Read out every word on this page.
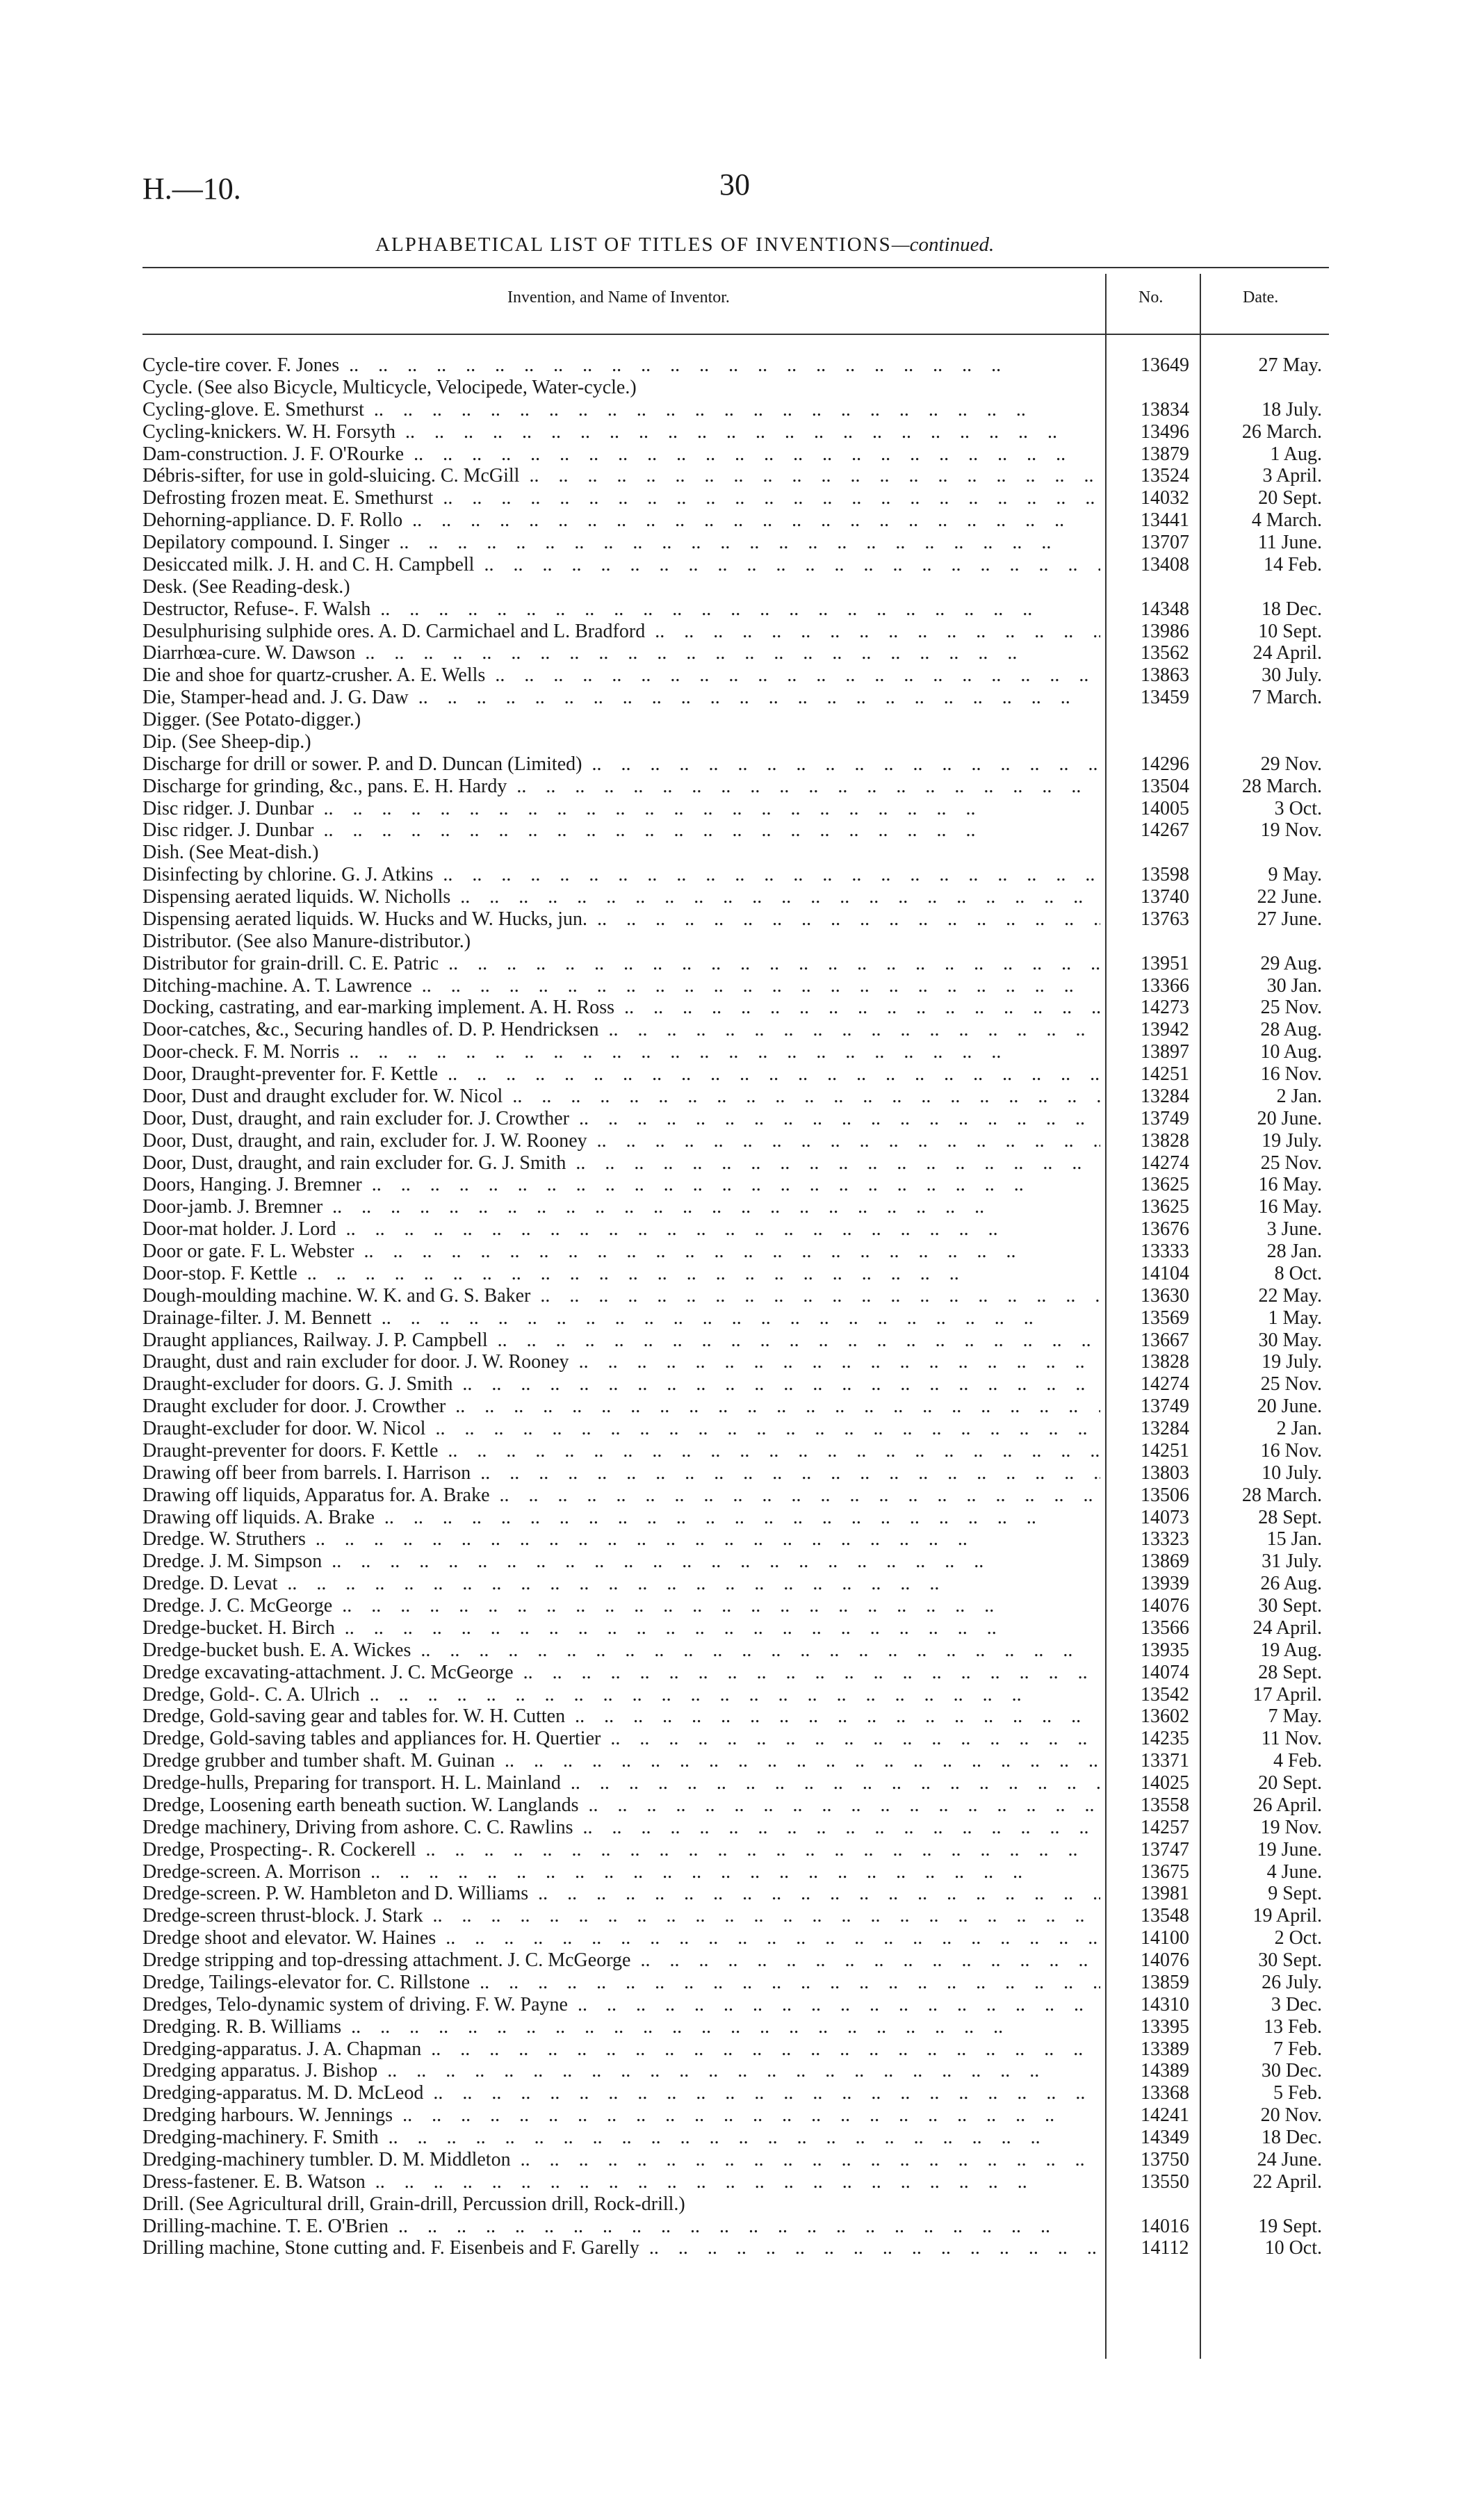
H.—10.	30
ALPHABETICAL LIST OF TITLES OF INVENTIONS—continued.
Invention, and Name of Inventor.	No.	Date.
Cycle-tire cover. F. Jones ..	13649	27 May.
Cycle. (See also Bicycle, Multicycle, Velocipede, Water-cycle.)
Cycling-glove. E. Smethurst ..	13834	18 July.
Cycling-knickers. W. H. Forsyth ..	13496	26 March.
Dam-construction. J. F. O'Rourke ..	13879	1 Aug.
Débris-sifter, for use in gold-sluicing. C. McGill ..	13524	3 April.
Defrosting frozen meat. E. Smethurst ..	14032	20 Sept.
Dehorning-appliance. D. F. Rollo ..	13441	4 March.
Depilatory compound. I. Singer ..	13707	11 June.
Desiccated milk. J. H. and C. H. Campbell ..	13408	14 Feb.
Desk. (See Reading-desk.)
Destructor, Refuse-. F. Walsh ..	14348	18 Dec.
Desulphurising sulphide ores. A. D. Carmichael and L. Bradford ..	13986	10 Sept.
Diarrhœa-cure. W. Dawson ..	13562	24 April.
Die and shoe for quartz-crusher. A. E. Wells ..	13863	30 July.
Die, Stamper-head and. J. G. Daw ..	13459	7 March.
Digger. (See Potato-digger.)
Dip. (See Sheep-dip.)
Discharge for drill or sower. P. and D. Duncan (Limited) ..	14296	29 Nov.
Discharge for grinding, &c., pans. E. H. Hardy ..	13504	28 March.
Disc ridger. J. Dunbar ..	14005	3 Oct.
Disc ridger. J. Dunbar ..	14267	19 Nov.
Dish. (See Meat-dish.)
Disinfecting by chlorine. G. J. Atkins ..	13598	9 May.
Dispensing aerated liquids. W. Nicholls ..	13740	22 June.
Dispensing aerated liquids. W. Hucks and W. Hucks, jun. ..	13763	27 June.
Distributor. (See also Manure-distributor.)
Distributor for grain-drill. C. E. Patric ..	13951	29 Aug.
Ditching-machine. A. T. Lawrence ..	13366	30 Jan.
Docking, castrating, and ear-marking implement. A. H. Ross ..	14273	25 Nov.
Door-catches, &c., Securing handles of. D. P. Hendricksen ..	13942	28 Aug.
Door-check. F. M. Norris ..	13897	10 Aug.
Door, Draught-preventer for. F. Kettle ..	14251	16 Nov.
Door, Dust and draught excluder for. W. Nicol ..	13284	2 Jan.
Door, Dust, draught, and rain excluder for. J. Crowther ..	13749	20 June.
Door, Dust, draught, and rain, excluder for. J. W. Rooney ..	13828	19 July.
Door, Dust, draught, and rain excluder for. G. J. Smith ..	14274	25 Nov.
Doors, Hanging. J. Bremner ..	13625	16 May.
Door-jamb. J. Bremner ..	13625	16 May.
Door-mat holder. J. Lord ..	13676	3 June.
Door or gate. F. L. Webster ..	13333	28 Jan.
Door-stop. F. Kettle ..	14104	8 Oct.
Dough-moulding machine. W. K. and G. S. Baker ..	13630	22 May.
Drainage-filter. J. M. Bennett ..	13569	1 May.
Draught appliances, Railway. J. P. Campbell ..	13667	30 May.
Draught, dust and rain excluder for door. J. W. Rooney ..	13828	19 July.
Draught-excluder for doors. G. J. Smith ..	14274	25 Nov.
Draught excluder for door. J. Crowther ..	13749	20 June.
Draught-excluder for door. W. Nicol ..	13284	2 Jan.
Draught-preventer for doors. F. Kettle ..	14251	16 Nov.
Drawing off beer from barrels. I. Harrison ..	13803	10 July.
Drawing off liquids, Apparatus for. A. Brake ..	13506	28 March.
Drawing off liquids. A. Brake ..	14073	28 Sept.
Dredge. W. Struthers ..	13323	15 Jan.
Dredge. J. M. Simpson ..	13869	31 July.
Dredge. D. Levat ..	13939	26 Aug.
Dredge. J. C. McGeorge ..	14076	30 Sept.
Dredge-bucket. H. Birch ..	13566	24 April.
Dredge-bucket bush. E. A. Wickes ..	13935	19 Aug.
Dredge excavating-attachment. J. C. McGeorge ..	14074	28 Sept.
Dredge, Gold-. C. A. Ulrich ..	13542	17 April.
Dredge, Gold-saving gear and tables for. W. H. Cutten ..	13602	7 May.
Dredge, Gold-saving tables and appliances for. H. Quertier ..	14235	11 Nov.
Dredge grubber and tumber shaft. M. Guinan ..	13371	4 Feb.
Dredge-hulls, Preparing for transport. H. L. Mainland ..	14025	20 Sept.
Dredge, Loosening earth beneath suction. W. Langlands ..	13558	26 April.
Dredge machinery, Driving from ashore. C. C. Rawlins ..	14257	19 Nov.
Dredge, Prospecting-. R. Cockerell ..	13747	19 June.
Dredge-screen. A. Morrison ..	13675	4 June.
Dredge-screen. P. W. Hambleton and D. Williams ..	13981	9 Sept.
Dredge-screen thrust-block. J. Stark ..	13548	19 April.
Dredge shoot and elevator. W. Haines ..	14100	2 Oct.
Dredge stripping and top-dressing attachment. J. C. McGeorge ..	14076	30 Sept.
Dredge, Tailings-elevator for. C. Rillstone ..	13859	26 July.
Dredges, Telo-dynamic system of driving. F. W. Payne ..	14310	3 Dec.
Dredging. R. B. Williams ..	13395	13 Feb.
Dredging-apparatus. J. A. Chapman ..	13389	7 Feb.
Dredging apparatus. J. Bishop ..	14389	30 Dec.
Dredging-apparatus. M. D. McLeod ..	13368	5 Feb.
Dredging harbours. W. Jennings ..	14241	20 Nov.
Dredging-machinery. F. Smith ..	14349	18 Dec.
Dredging-machinery tumbler. D. M. Middleton ..	13750	24 June.
Dress-fastener. E. B. Watson ..	13550	22 April.
Drill. (See Agricultural drill, Grain-drill, Percussion drill, Rock-drill.)
Drilling-machine. T. E. O'Brien ..	14016	19 Sept.
Drilling machine, Stone cutting and. F. Eisenbeis and F. Garelly ..	14112	10 Oct.
